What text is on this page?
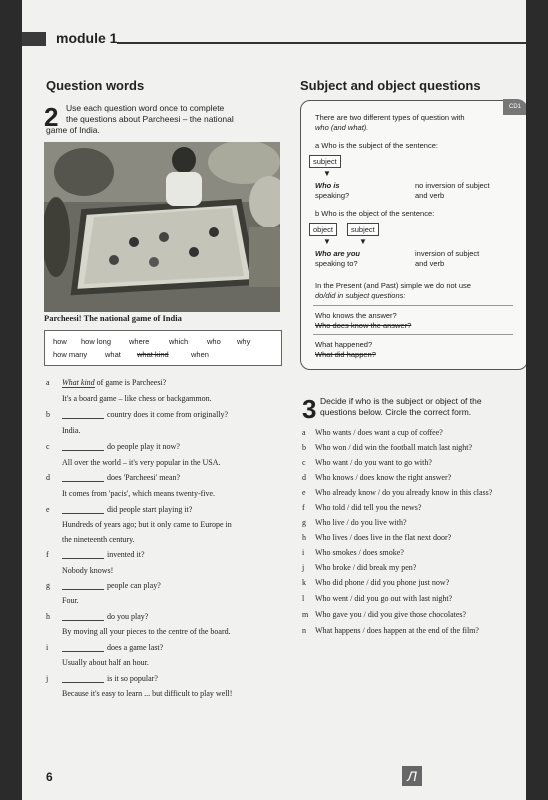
module 1
Question words
2 Use each question word once to complete
the questions about Parcheesi – the national
game of India.
Parcheesi! The national game of India
how how long where	which	who why
how many what what kind	when
a What kind of game is Parcheesi?
It's a board game – like chess or backgammon.
b	country does it come from originally?
India.
c	do people play it now?
All over the world – it's very popular in the USA.
d	does 'Parcheesi' mean?
It comes from 'pacis', which means twenty-five.
e	did people start playing it?
Hundreds of years ago; but it only came to Europe in
the nineteenth century.
f	invented it?
Nobody knows!
g	people can play?
Four.
h	do you play?
By moving all your pieces to the centre of the board.
i	does a game last?
Usually about half an hour.
j	is it so popular?
Because it's easy to learn ... but difficult to play well!
Subject and object questions
CD1
There are two different types of question with
who (and what).
a Who is the subject of the sentence:
subject
▼
Who is
speaking?
no inversion of subject
and verb
b Who is the object of the sentence:
object	subject
▼	▼
Who are you
speaking to?
inversion of subject
and verb
In the Present (and Past) simple we do not use
do/did in subject questions:
Who knows the answer?
Who does know the answer?
What happened?
What did happen?
3 Decide if who is the subject or object of the
questions below. Circle the correct form.
a Who wants / does want a cup of coffee?
b Who won / did win the football match last night?
c Who want / do you want to go with?
d Who knows / does know the right answer?
e Who already know / do you already know in this class?
f Who told / did tell you the news?
g Who live / do you live with?
h Who lives / does live in the flat next door?
i Who smokes / does smoke?
j Who broke / did break my pen?
k Who did phone / did you phone just now?
l Who went / did you go out with last night?
m Who gave you / did you give those chocolates?
n What happens / does happen at the end of the film?
6	Л
